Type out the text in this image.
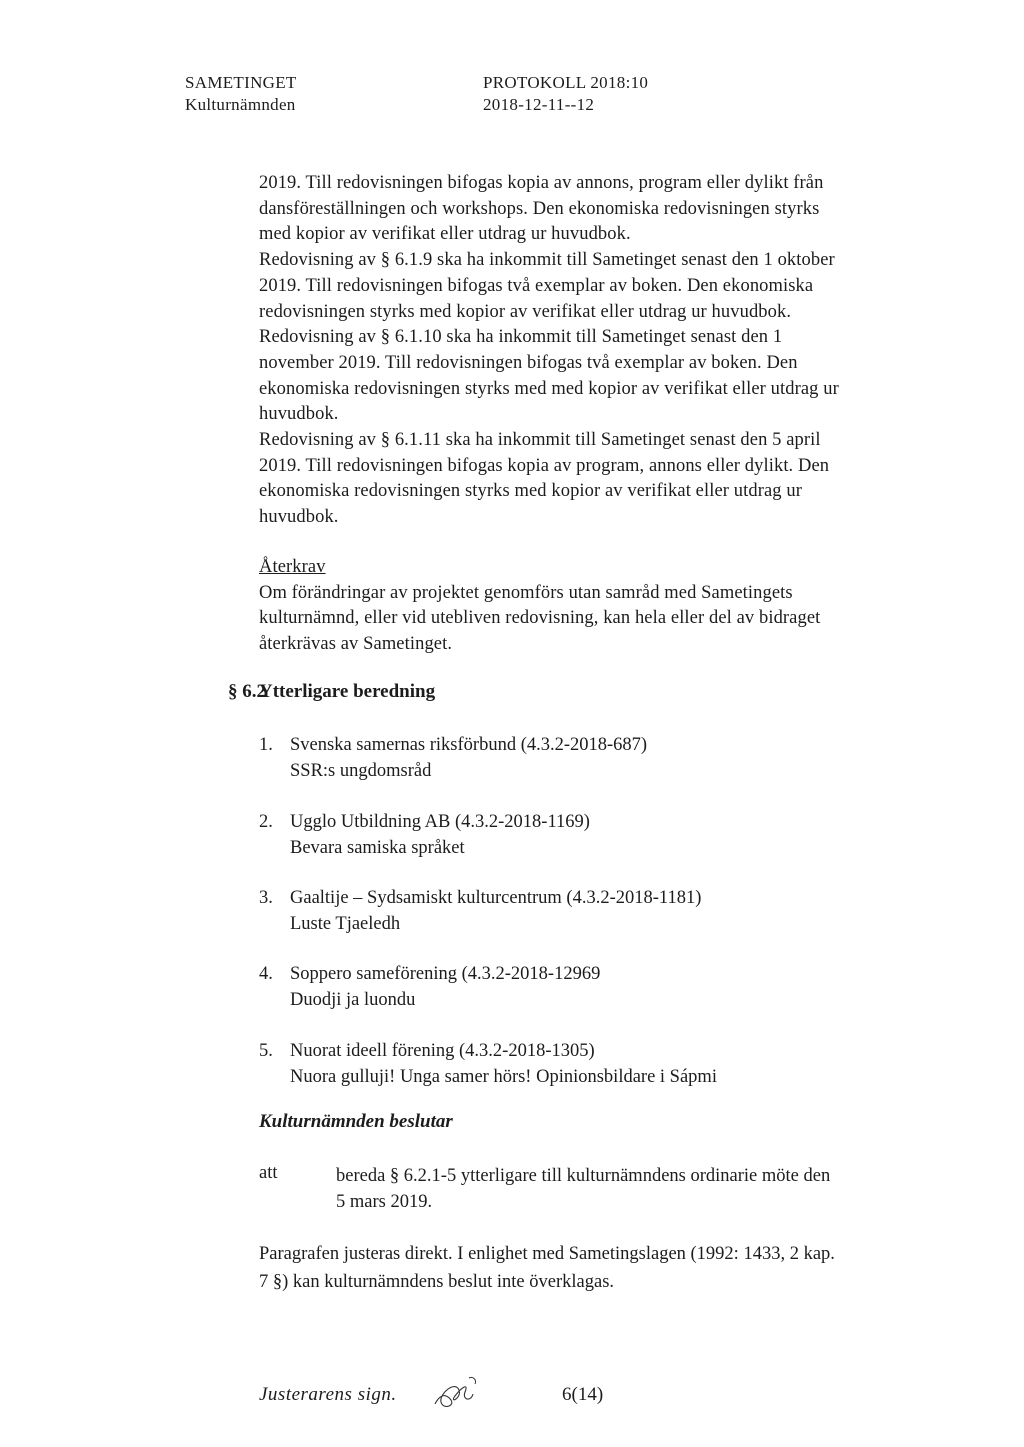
SAMETINGET
Kulturnämnden
PROTOKOLL 2018:10
2018-12-11--12
2019. Till redovisningen bifogas kopia av annons, program eller dylikt från
dansföreställningen och workshops. Den ekonomiska redovisningen styrks
med kopior av verifikat eller utdrag ur huvudbok.
Redovisning av § 6.1.9 ska ha inkommit till Sametinget senast den 1 oktober
2019. Till redovisningen bifogas två exemplar av boken. Den ekonomiska
redovisningen styrks med kopior av verifikat eller utdrag ur huvudbok.
Redovisning av § 6.1.10 ska ha inkommit till Sametinget senast den 1
november 2019. Till redovisningen bifogas två exemplar av boken. Den
ekonomiska redovisningen styrks med med kopior av verifikat eller utdrag ur
huvudbok.
Redovisning av § 6.1.11 ska ha inkommit till Sametinget senast den 5 april
2019. Till redovisningen bifogas kopia av program, annons eller dylikt. Den
ekonomiska redovisningen styrks med kopior av verifikat eller utdrag ur
huvudbok.
Återkrav
Om förändringar av projektet genomförs utan samråd med Sametingets
kulturnämnd, eller vid utebliven redovisning, kan hela eller del av bidraget
återkrävas av Sametinget.
§ 6.2
Ytterligare beredning
1. Svenska samernas riksförbund (4.3.2-2018-687)
SSR:s ungdomsråd
2. Ugglo Utbildning AB (4.3.2-2018-1169)
Bevara samiska språket
3. Gaaltije – Sydsamiskt kulturcentrum (4.3.2-2018-1181)
Luste Tjaeledh
4. Soppero sameförening (4.3.2-2018-12969
Duodji ja luondu
5. Nuorat ideell förening (4.3.2-2018-1305)
Nuora gulluji! Unga samer hörs! Opinionsbildare i Sápmi
Kulturnämnden beslutar
att	bereda § 6.2.1-5 ytterligare till kulturnämndens ordinarie möte den
5 mars 2019.
Paragrafen justeras direkt. I enlighet med Sametingslagen (1992: 1433, 2 kap.
7 §) kan kulturnämndens beslut inte överklagas.
Justerarens sign.	6(14)
